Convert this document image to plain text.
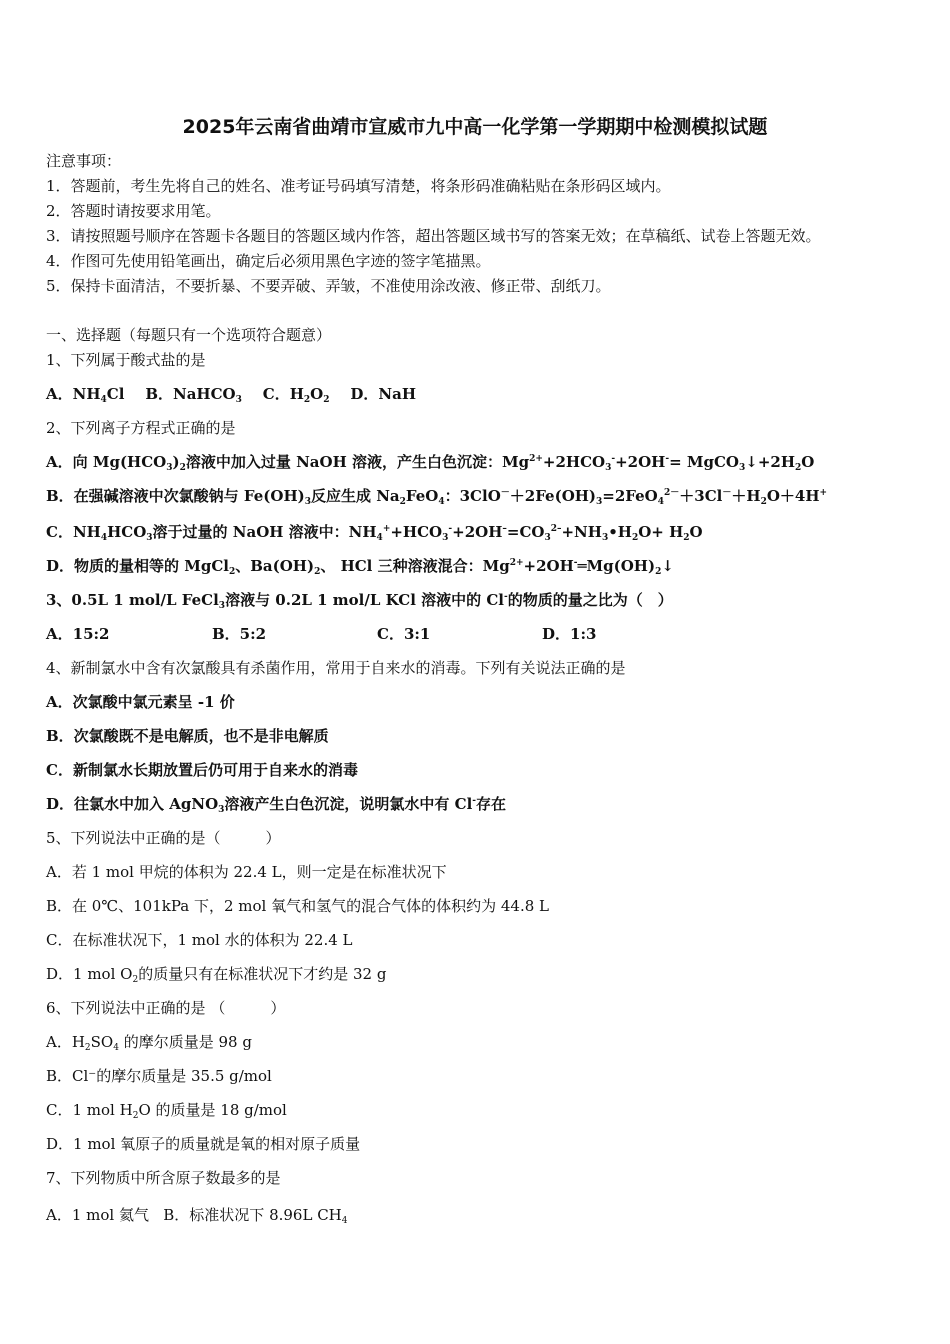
2025年云南省曲靖市宣威市九中高一化学第一学期期中检测模拟试题
注意事项：
1．答题前，考生先将自己的姓名、准考证号码填写清楚，将条形码准确粘贴在条形码区域内。
2．答题时请按要求用笔。
3．请按照题号顺序在答题卡各题目的答题区域内作答，超出答题区域书写的答案无效；在草稿纸、试卷上答题无效。
4．作图可先使用铅笔画出，确定后必须用黑色字迹的签字笔描黑。
5．保持卡面清洁，不要折暴、不要弄破、弄皱，不准使用涂改液、修正带、刮纸刀。
一、选择题（每题只有一个选项符合题意）
1、下列属于酸式盐的是
A．$NH_4Cl$ B．NaHCO$_3$ C．$H_2O_2$ D．NaH
2、下列离子方程式正确的是
A．向 $Mg(HCO_3)_2$溶液中加入过量 NaOH 溶液，产生白色沉淀：$Mg^{2+}+2HCO_3^-+2OH^-=$ $MgCO_3↓+2H_2O$
B．在强碱溶液中次氯酸钠与 $Fe(OH)_3$反应生成 $Na_2FeO_4$：$3ClO^-+2Fe(OH)_3=2FeO_4^{2-}+3Cl^-+H_2O+4H^+$
C．$NH_4HCO_3$溶于过量的 NaOH 溶液中：$NH_4^++HCO_3^-+2OH^-=CO_3^{2-}+NH_3•H_2O+ H_2O$
D．物质的量相等的 MgCl$_2$、$Ba(OH)_2$、 HCl 三种溶液混合：$Mg^{2+}+2OH^-═Mg(OH)_2↓$
3、0.5L 1 mol/L FeCl$_3$溶液与 0.2L 1 mol/L KCl 溶液中的 Cl-的物质的量之比为（　）
A．15:2	B．5:2	C．3:1	D．1:3
4、新制氯水中含有次氯酸具有杀菌作用，常用于自来水的消毒。下列有关说法正确的是
A．次氯酸中氯元素呈 -1 价
B．次氯酸既不是电解质，也不是非电解质
C．新制氯水长期放置后仍可用于自来水的消毒
D．往氯水中加入 AgNO$_3$溶液产生白色沉淀，说明氯水中有 Cl-存在
5、下列说法中正确的是（　　　）
A．若 1 mol 甲烷的体积为 22.4 L，则一定是在标准状况下
B．在 0℃、101kPa 下，2 mol 氧气和氢气的混合气体的体积约为 44.8 L
C．在标准状况下，1 mol 水的体积为 22.4 L
D．1 mol $O_2$的质量只有在标准状况下才约是 32 g
6、下列说法中正确的是 （　　　）
A．$H_2SO_4$ 的摩尔质量是 98 g
B．Cl⁻的摩尔质量是 35.5 g/mol
C．1 mol $H_2O$ 的质量是 18 g/mol
D．1 mol 氧原子的质量就是氧的相对原子质量
7、下列物质中所含原子数最多的是
A．1 mol 氦气 B．标准状况下 8.96L $CH_4$
